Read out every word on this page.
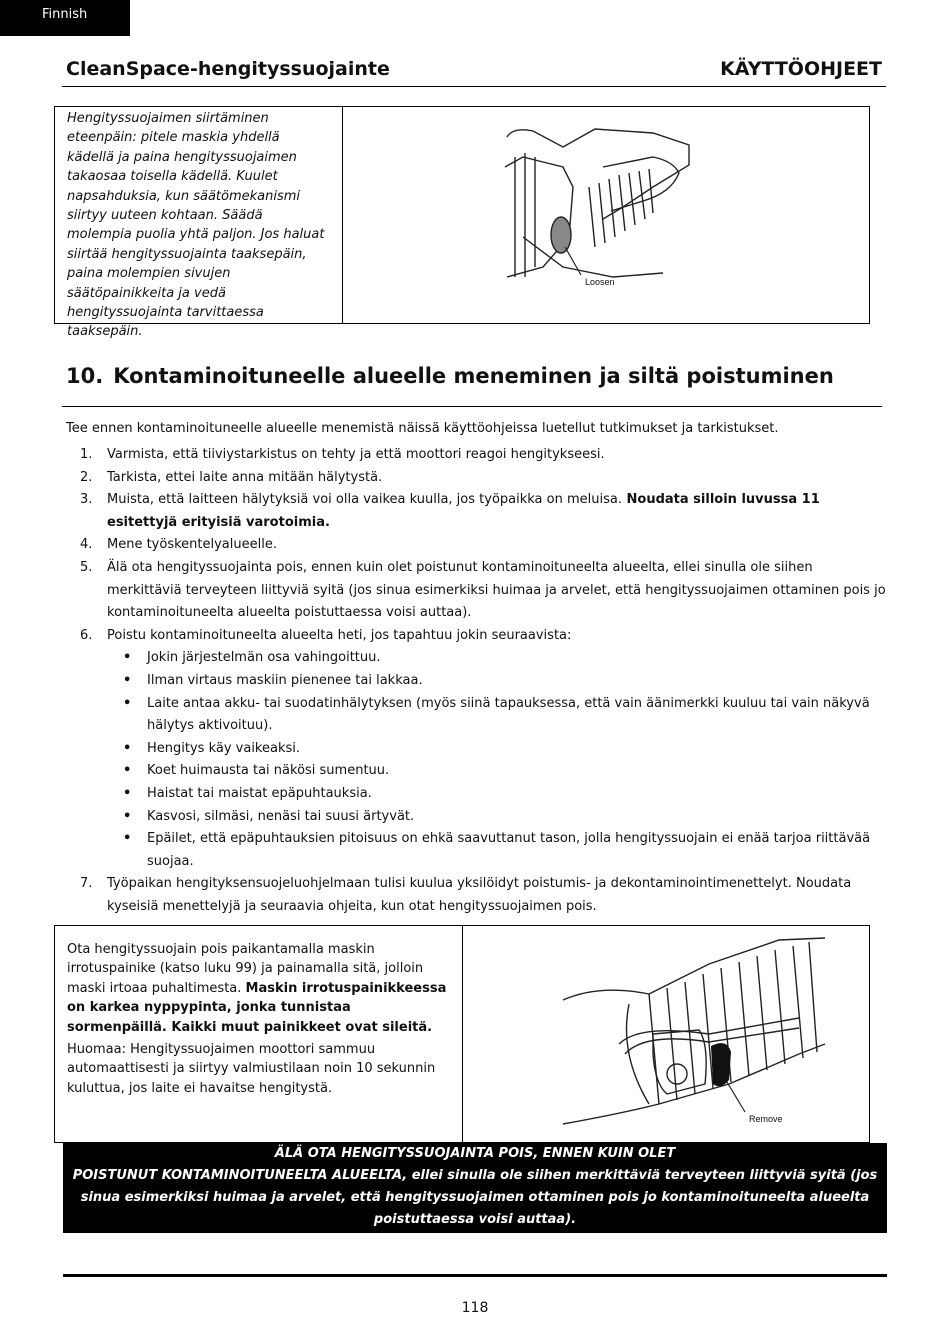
Finnish
CleanSpace-hengityssuojainte	KÄYTTÖOHJEET

Hengityssuojaimen siirtäminen eteenpäin: pitele maskia yhdellä kädellä ja paina hengityssuojaimen takaosaa toisella kädellä. Kuulet napsahduksia, kun säätömekanismi siirtyy uuteen kohtaan. Säädä molempia puolia yhtä paljon. Jos haluat siirtää hengityssuojainta taaksepäin, paina molempien sivujen säätöpainikkeita ja vedä hengityssuojainta tarvittaessa taaksepäin.

Loosen
10. Kontaminoituneelle alueelle meneminen ja siltä poistuminen
Tee ennen kontaminoituneelle alueelle menemistä näissä käyttöohjeissa luetellut tutkimukset ja tarkistukset.
1. Varmista, että tiiviystarkistus on tehty ja että moottori reagoi hengitykseesi.
2. Tarkista, ettei laite anna mitään hälytystä.
3. Muista, että laitteen hälytyksiä voi olla vaikea kuulla, jos työpaikka on meluisa. Noudata silloin luvussa 11 esitettyjä erityisiä varotoimia.
4. Mene työskentelyalueelle.
5. Älä ota hengityssuojainta pois, ennen kuin olet poistunut kontaminoituneelta alueelta, ellei sinulla ole siihen merkittäviä terveyteen liittyviä syitä (jos sinua esimerkiksi huimaa ja arvelet, että hengityssuojaimen ottaminen pois jo kontaminoituneelta alueelta poistuttaessa voisi auttaa).
6. Poistu kontaminoituneelta alueelta heti, jos tapahtuu jokin seuraavista:
• Jokin järjestelmän osa vahingoittuu.
• Ilman virtaus maskiin pienenee tai lakkaa.
• Laite antaa akku- tai suodatinhälytyksen (myös siinä tapauksessa, että vain äänimerkki kuuluu tai vain näkyvä hälytys aktivoituu).
• Hengitys käy vaikeaksi.
• Koet huimausta tai näkösi sumentuu.
• Haistat tai maistat epäpuhtauksia.
• Kasvosi, silmäsi, nenäsi tai suusi ärtyvät.
• Epäilet, että epäpuhtauksien pitoisuus on ehkä saavuttanut tason, jolla hengityssuojain ei enää tarjoa riittävää suojaa.
7. Työpaikan hengityksensuojeluohjelmaan tulisi kuulua yksilöidyt poistumis- ja dekontaminointimenettelyt. Noudata kyseisiä menettelyjä ja seuraavia ohjeita, kun otat hengityssuojaimen pois.

Ota hengityssuojain pois paikantamalla maskin irrotuspainike (katso luku 99) ja painamalla sitä, jolloin maski irtoaa puhaltimesta. Maskin irrotuspainikkeessa on karkea nyppypinta, jonka tunnistaa sormenpäillä. Kaikki muut painikkeet ovat sileitä.

Huomaa: Hengityssuojaimen moottori sammuu automaattisesti ja siirtyy valmiustilaan noin 10 sekunnin kuluttua, jos laite ei havaitse hengitystä.

Remove
ÄLÄ OTA HENGITYSSUOJAINTA POIS, ENNEN KUIN OLET
POISTUNUT KONTAMINOITUNEELTA ALUEELTA, ellei sinulla ole siihen merkittäviä terveyteen liittyviä syitä (jos sinua esimerkiksi huimaa ja arvelet, että hengityssuojaimen ottaminen pois jo kontaminoituneelta alueelta poistuttaessa voisi auttaa).
118
